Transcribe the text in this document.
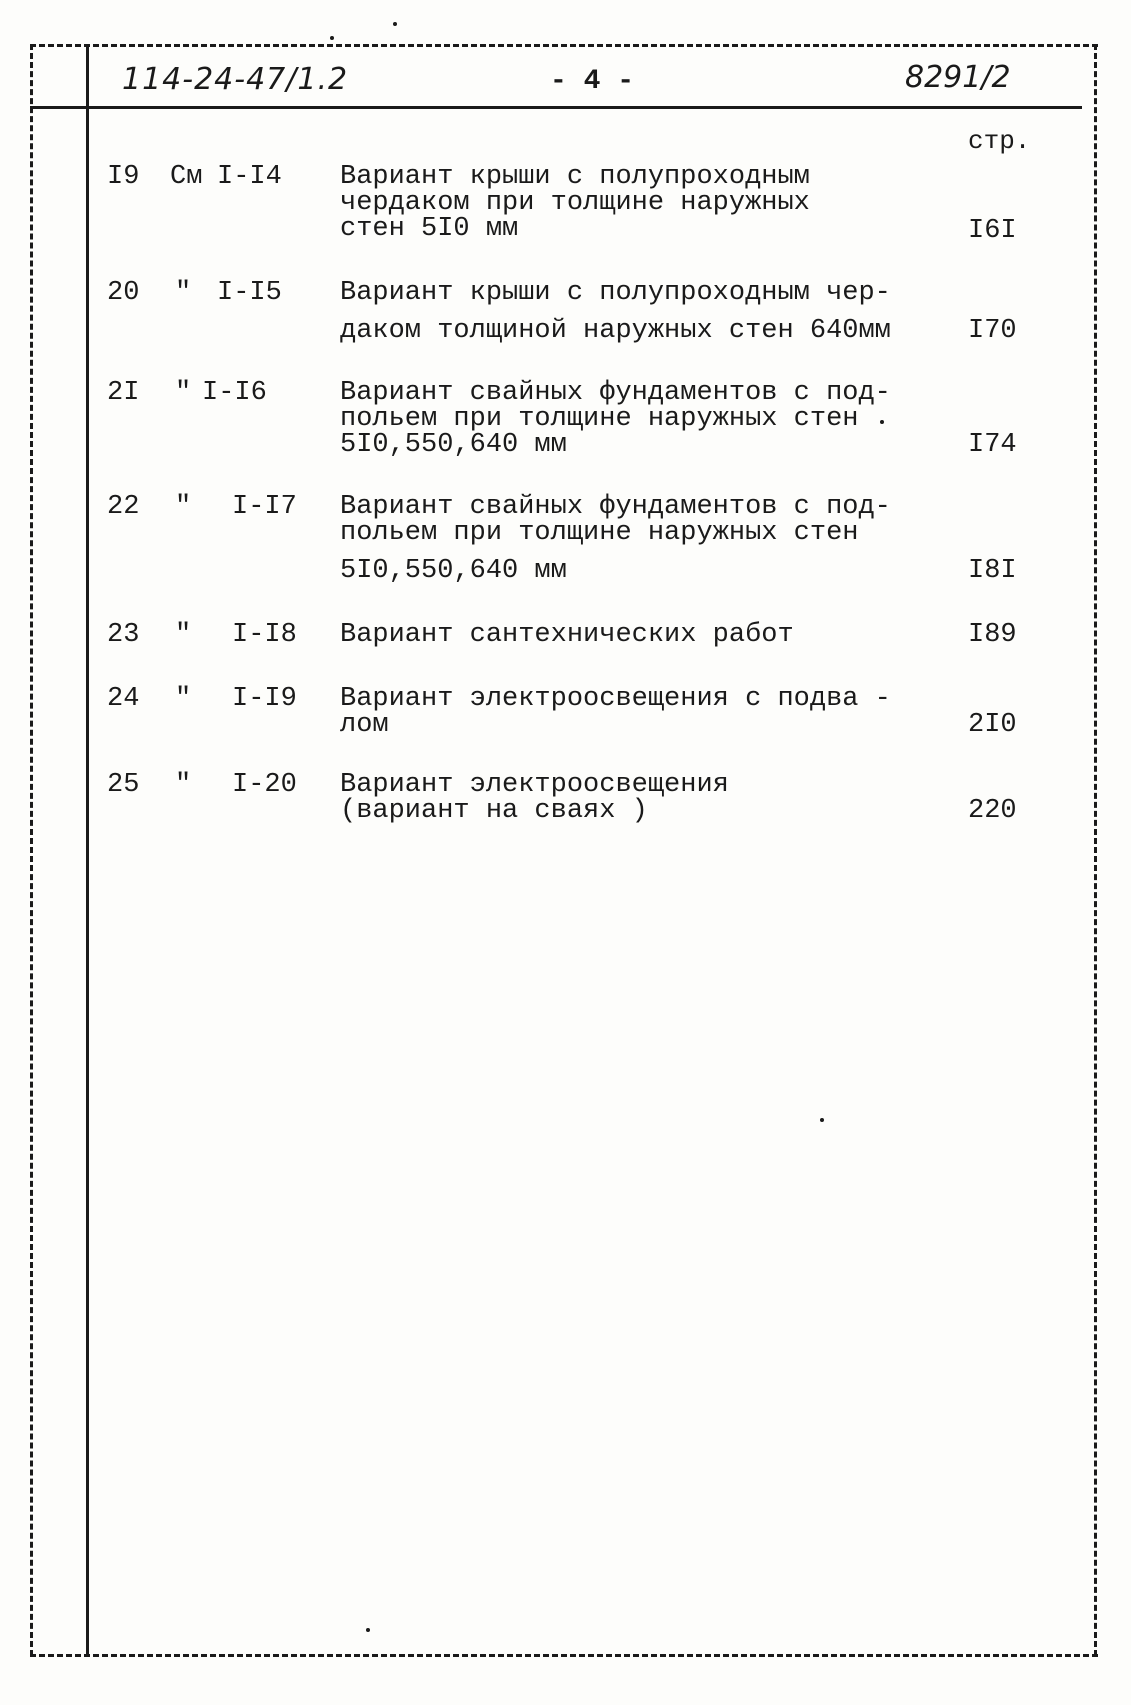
114-24-47/1.2	- 4 -	8291/2
стр.
I9 См I-I4 Вариант крыши с полупроходным
чердаком при толщине наружных
стен 5I0 мм	I6I
20 " I-I5 Вариант крыши с полупроходным чер-
даком толщиной наружных стен 640мм	I70
2I " I-I6	Вариант свайных фундаментов с под-
польем при толщине наружных стен
5I0,550,640 мм	I74
22 " I-I7 Вариант свайных фундаментов с под-
польем при толщине наружных стен
5I0,550,640 мм	I8I
23 " I-I8 Вариант сантехнических работ	I89
24 " I-I9 Вариант электроосвещения с подва -
лом	2I0
25 " I-20 Вариант электроосвещения
(вариант на сваях )	220
